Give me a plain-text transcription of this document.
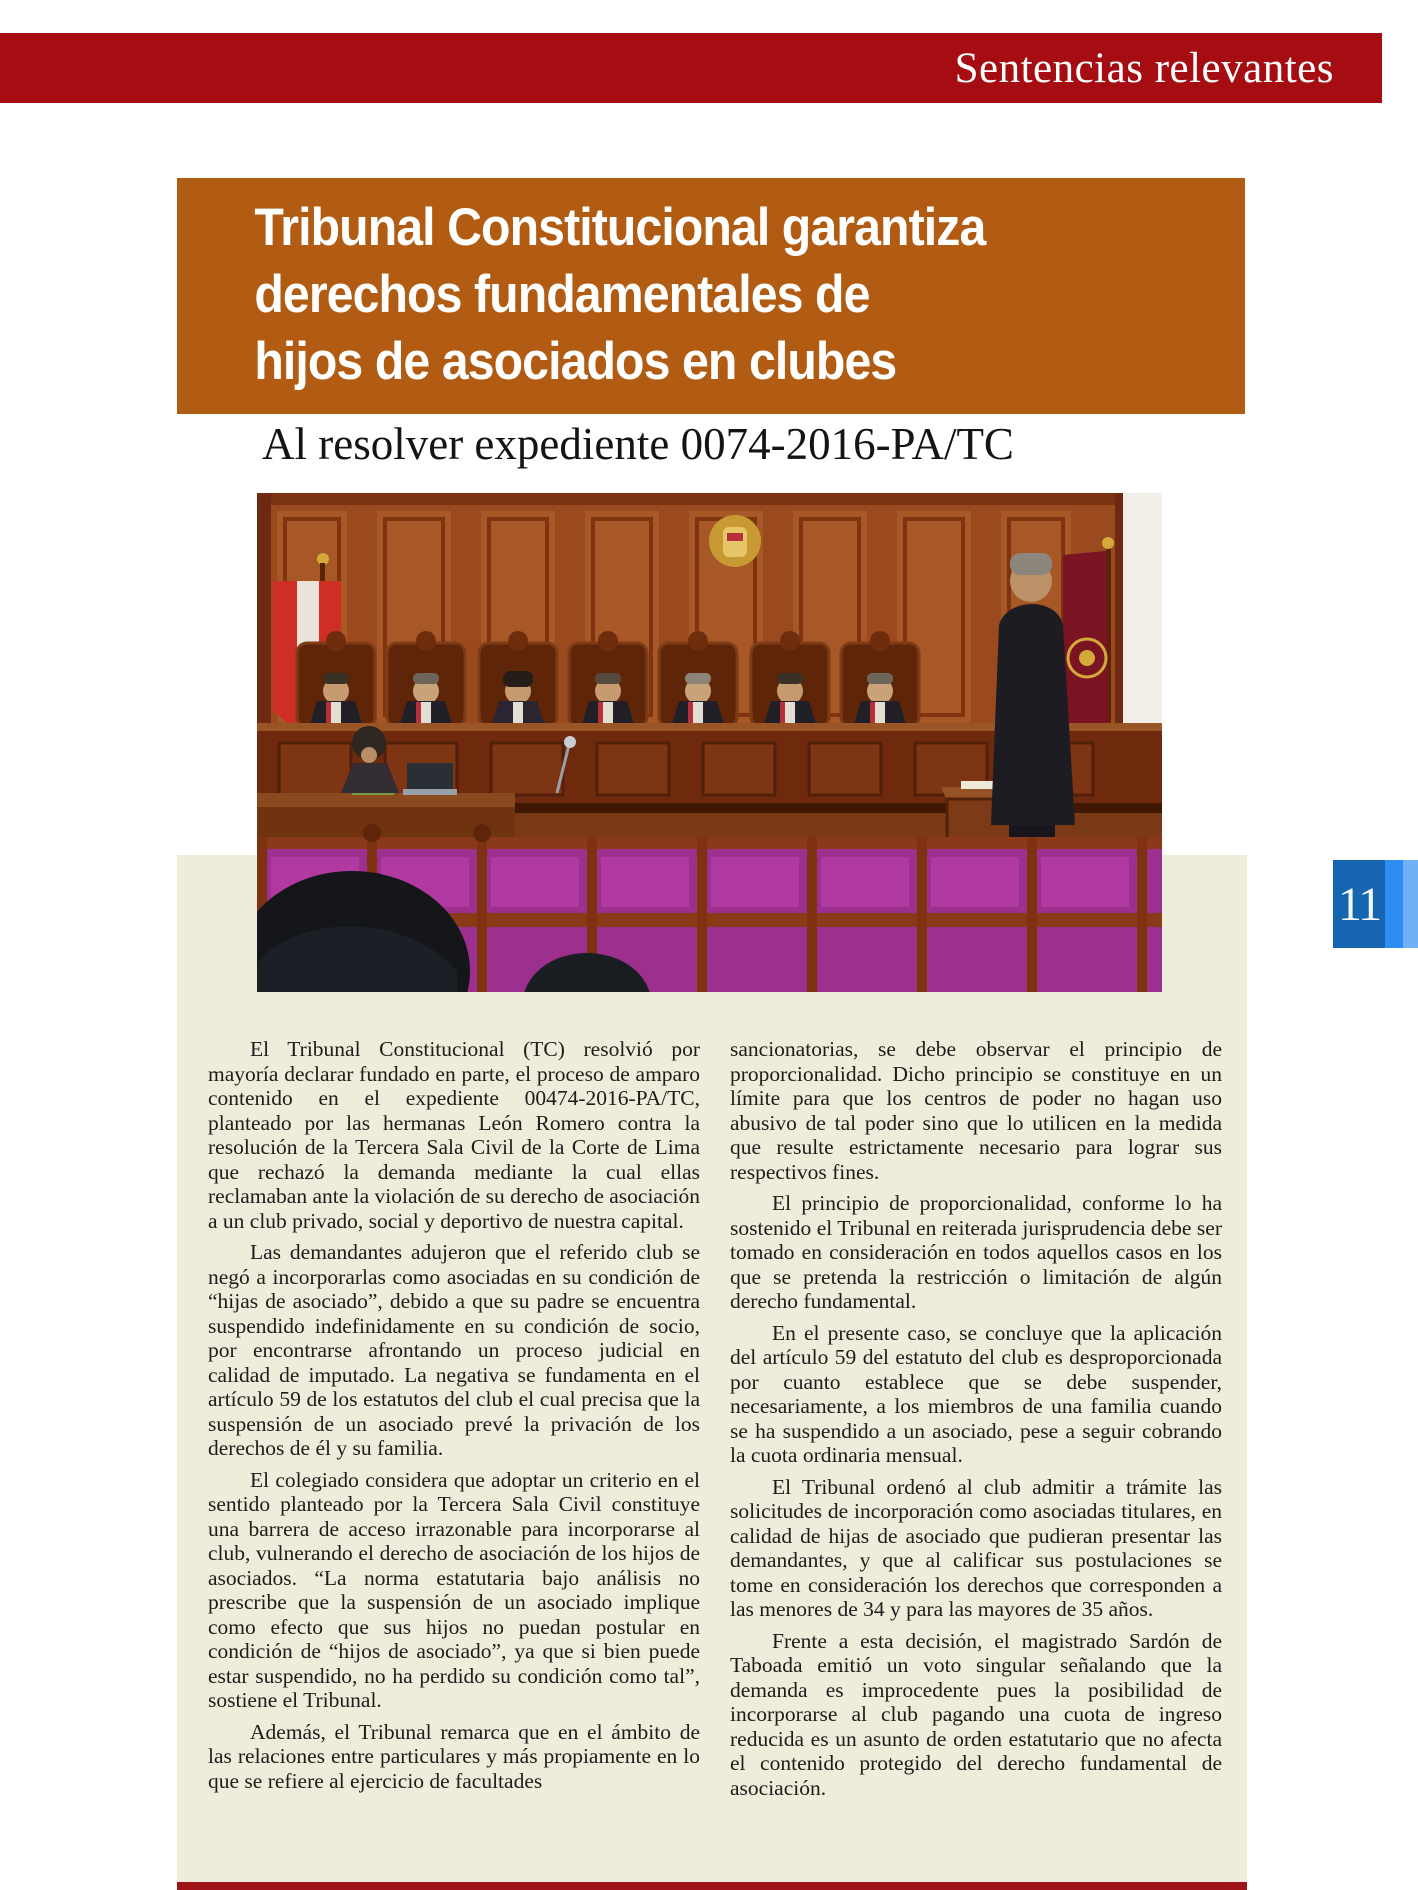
Sentencias relevantes
Tribunal Constitucional garantiza
derechos fundamentales de
hijos de asociados en clubes
Al resolver expediente 0074-2016-PA/TC
11

El Tribunal Constitucional (TC) resolvió por mayoría declarar fundado en parte, el proceso de amparo contenido en el expediente 00474-2016-PA/TC, planteado por las hermanas León Romero contra la resolución de la Tercera Sala Civil de la Corte de Lima que rechazó la demanda mediante la cual ellas reclamaban ante la violación de su derecho de asociación a un club privado, social y deportivo de nuestra capital.

Las demandantes adujeron que el referido club se negó a incorporarlas como asociadas en su condición de “hijas de asociado”, debido a que su padre se encuentra suspendido indefinidamente en su condición de socio, por encontrarse afrontando un proceso judicial en calidad de imputado. La negativa se fundamenta en el artículo 59 de los estatutos del club el cual precisa que la suspensión de un asociado prevé la privación de los derechos de él y su familia.

El colegiado considera que adoptar un criterio en el sentido planteado por la Tercera Sala Civil constituye una barrera de acceso irrazonable para incorporarse al club, vulnerando el derecho de asociación de los hijos de asociados. “La norma estatutaria bajo análisis no prescribe que la suspensión de un asociado implique como efecto que sus hijos no puedan postular en condición de “hijos de asociado”, ya que si bien puede estar suspendido, no ha perdido su condición como tal”, sostiene el Tribunal.

Además, el Tribunal remarca que en el ámbito de las relaciones entre particulares y más propiamente en lo que se refiere al ejercicio de facultades

sancionatorias, se debe observar el principio de proporcionalidad. Dicho principio se constituye en un límite para que los centros de poder no hagan uso abusivo de tal poder sino que lo utilicen en la medida que resulte estrictamente necesario para lograr sus respectivos fines.

El principio de proporcionalidad, conforme lo ha sostenido el Tribunal en reiterada jurisprudencia debe ser tomado en consideración en todos aquellos casos en los que se pretenda la restricción o limitación de algún derecho fundamental.

En el presente caso, se concluye que la aplicación del artículo 59 del estatuto del club es desproporcionada por cuanto establece que se debe suspender, necesariamente, a los miembros de una familia cuando se ha suspendido a un asociado, pese a seguir cobrando la cuota ordinaria mensual.

El Tribunal ordenó al club admitir a trámite las solicitudes de incorporación como asociadas titulares, en calidad de hijas de asociado que pudieran presentar las demandantes, y que al calificar sus postulaciones se tome en consideración los derechos que corresponden a las menores de 34 y para las mayores de 35 años.

Frente a esta decisión, el magistrado Sardón de Taboada emitió un voto singular señalando que la demanda es improcedente pues la posibilidad de incorporarse al club pagando una cuota de ingreso reducida es un asunto de orden estatutario que no afecta el contenido protegido del derecho fundamental de asociación.
